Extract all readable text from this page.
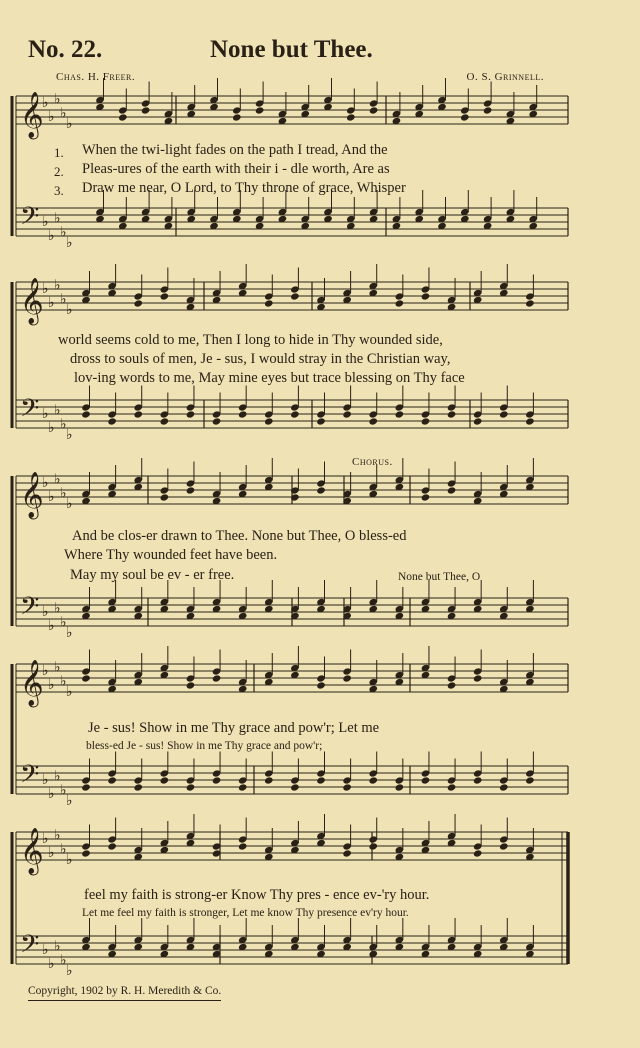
No. 22.	None but Thee.
Chas. H. Freer.	O. S. Grinnell.
𝄞
𝄢
♭
♭
♭
♭
♭
♭
♭
♭
♭
♭
𝄞
𝄢
♭
♭
♭
♭
♭
♭
♭
♭
♭
♭
𝄞
𝄢
♭
♭
♭
♭
♭
♭
♭
♭
♭
♭
𝄞
𝄢
♭
♭
♭
♭
♭
♭
♭
♭
♭
♭
𝄞
𝄢
♭
♭
♭
♭
♭
♭
♭
♭
♭
♭
1.
2.
3.
When the twi-light fades on the path I tread, And the
Pleas-ures of the earth with their i - dle worth, Are as
Draw me near, O Lord, to Thy throne of grace, Whisper
world seems cold to me, Then I long to hide in Thy wounded side,
dross to souls of men, Je - sus, I would stray in the Christian way,
lov-ing words to me, May mine eyes but trace blessing on Thy face
Chorus.
And be clos-er drawn to Thee. None but Thee, O bless-ed
Where Thy wounded feet have been.
May my soul be ev - er free.	None but Thee, O
Je - sus! Show in me Thy grace and pow'r; Let me
bless-ed Je - sus! Show in me Thy grace and pow'r;
feel my faith is strong-er Know Thy pres - ence ev-'ry hour.
Let me feel my faith is stronger, Let me know Thy presence ev'ry hour.
Copyright, 1902 by R. H. Meredith & Co.
